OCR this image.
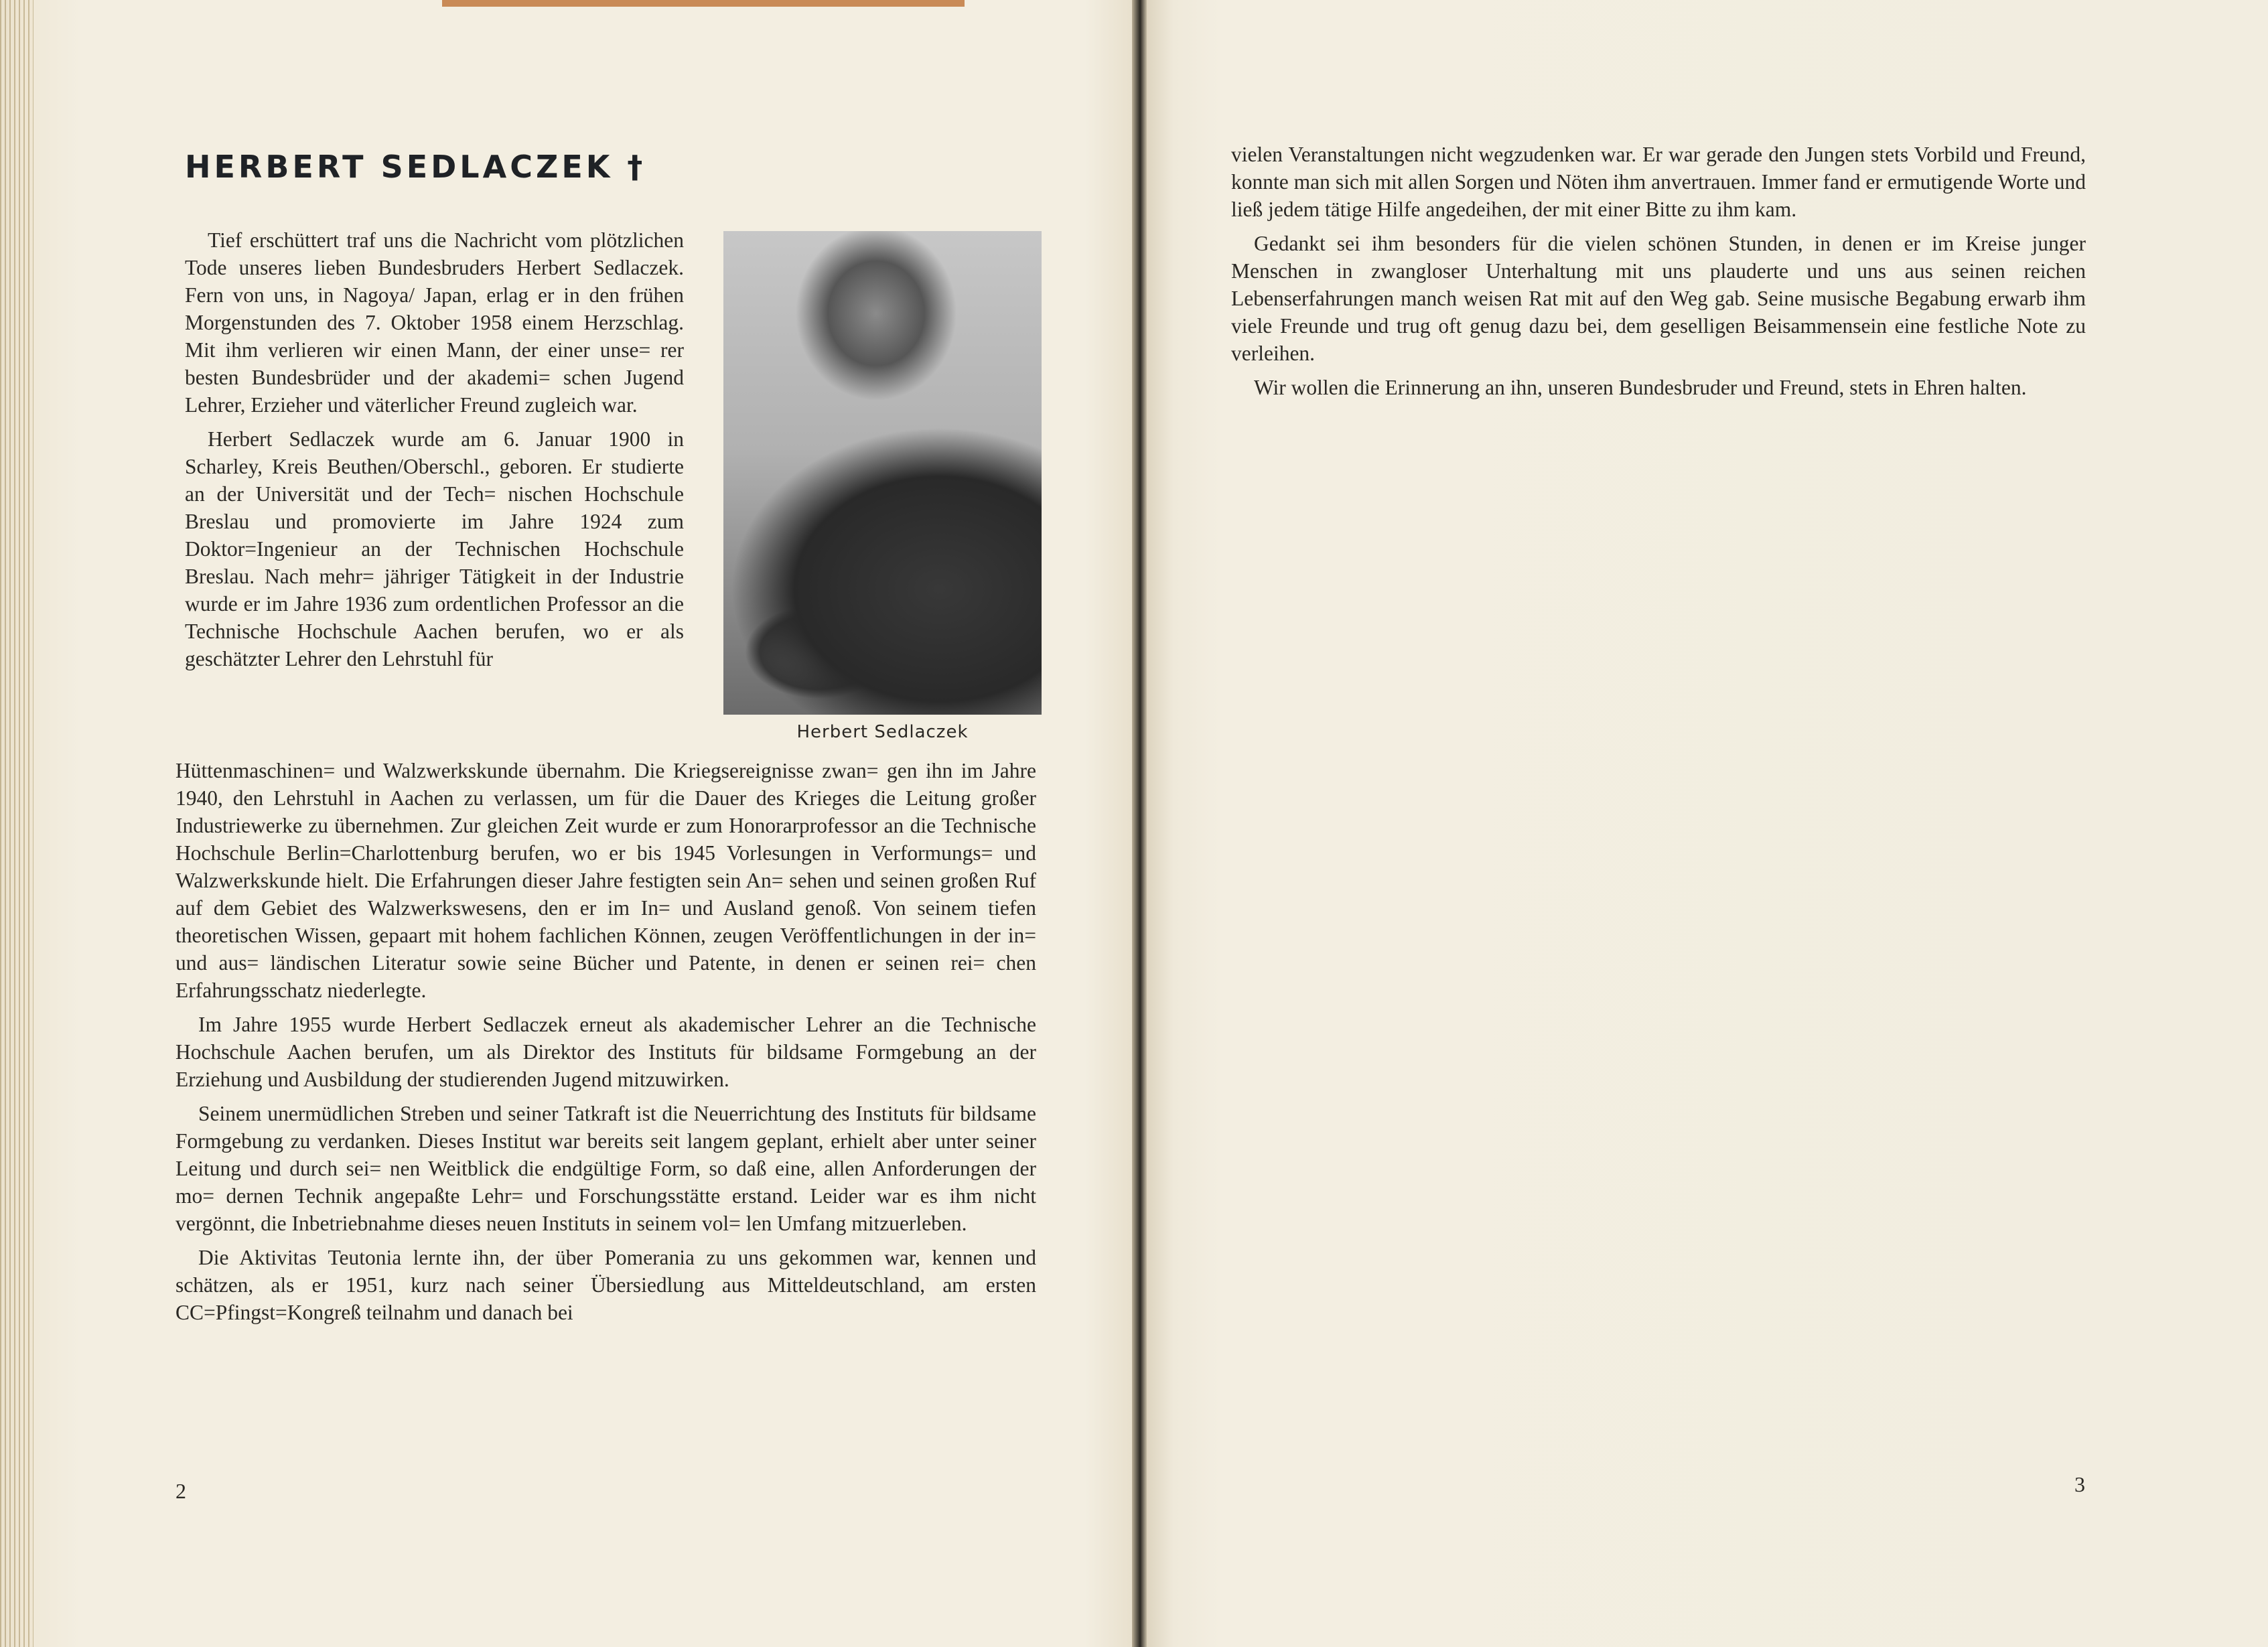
HERBERT SEDLACZEK †

Tief erschüttert traf uns die Nachricht vom plötzlichen Tode unseres lieben Bundesbruders Herbert Sedlaczek. Fern von uns, in Nagoya/ Japan, erlag er in den frühen Morgenstunden des 7. Oktober 1958 einem Herzschlag. Mit ihm verlieren wir einen Mann, der einer unse= rer besten Bundesbrüder und der akademi= schen Jugend Lehrer, Erzieher und väterlicher Freund zugleich war.

Herbert Sedlaczek wurde am 6. Januar 1900 in Scharley, Kreis Beuthen/Oberschl., geboren. Er studierte an der Universität und der Tech= nischen Hochschule Breslau und promovierte im Jahre 1924 zum Doktor=Ingenieur an der Technischen Hochschule Breslau. Nach mehr= jähriger Tätigkeit in der Industrie wurde er im Jahre 1936 zum ordentlichen Professor an die Technische Hochschule Aachen berufen, wo er als geschätzter Lehrer den Lehrstuhl für

Herbert Sedlaczek

Hüttenmaschinen= und Walzwerkskunde übernahm. Die Kriegsereignisse zwan= gen ihn im Jahre 1940, den Lehrstuhl in Aachen zu verlassen, um für die Dauer des Krieges die Leitung großer Industriewerke zu übernehmen. Zur gleichen Zeit wurde er zum Honorarprofessor an die Technische Hochschule Berlin=Charlottenburg berufen, wo er bis 1945 Vorlesungen in Verformungs= und Walzwerkskunde hielt. Die Erfahrungen dieser Jahre festigten sein An= sehen und seinen großen Ruf auf dem Gebiet des Walzwerkswesens, den er im In= und Ausland genoß. Von seinem tiefen theoretischen Wissen, gepaart mit hohem fachlichen Können, zeugen Veröffentlichungen in der in= und aus= ländischen Literatur sowie seine Bücher und Patente, in denen er seinen rei= chen Erfahrungsschatz niederlegte.

Im Jahre 1955 wurde Herbert Sedlaczek erneut als akademischer Lehrer an die Technische Hochschule Aachen berufen, um als Direktor des Instituts für bildsame Formgebung an der Erziehung und Ausbildung der studierenden Jugend mitzuwirken.

Seinem unermüdlichen Streben und seiner Tatkraft ist die Neuerrichtung des Instituts für bildsame Formgebung zu verdanken. Dieses Institut war bereits seit langem geplant, erhielt aber unter seiner Leitung und durch sei= nen Weitblick die endgültige Form, so daß eine, allen Anforderungen der mo= dernen Technik angepaßte Lehr= und Forschungsstätte erstand. Leider war es ihm nicht vergönnt, die Inbetriebnahme dieses neuen Instituts in seinem vol= len Umfang mitzuerleben.

Die Aktivitas Teutonia lernte ihn, der über Pomerania zu uns gekommen war, kennen und schätzen, als er 1951, kurz nach seiner Übersiedlung aus Mitteldeutschland, am ersten CC=Pfingst=Kongreß teilnahm und danach bei

2

vielen Veranstaltungen nicht wegzudenken war. Er war gerade den Jungen stets Vorbild und Freund, konnte man sich mit allen Sorgen und Nöten ihm anvertrauen. Immer fand er ermutigende Worte und ließ jedem tätige Hilfe angedeihen, der mit einer Bitte zu ihm kam.

Gedankt sei ihm besonders für die vielen schönen Stunden, in denen er im Kreise junger Menschen in zwangloser Unterhaltung mit uns plauderte und uns aus seinen reichen Lebenserfahrungen manch weisen Rat mit auf den Weg gab. Seine musische Begabung erwarb ihm viele Freunde und trug oft genug dazu bei, dem geselligen Beisammensein eine festliche Note zu verleihen.

Wir wollen die Erinnerung an ihn, unseren Bundesbruder und Freund, stets in Ehren halten.

3
